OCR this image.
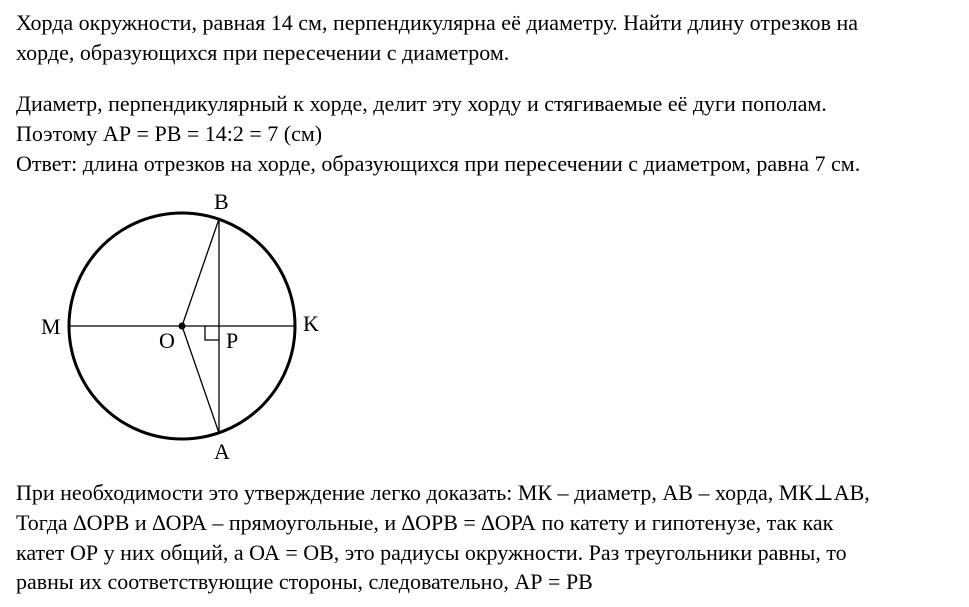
Хорда окружности, равная 14 см, перпендикулярна её диаметру. Найти длину отрезков на
хорде, образующихся при пересечении с диаметром.
Диаметр, перпендикулярный к хорде, делит эту хорду и стягиваемые её дуги пополам.
Поэтому АР = РВ = 14:2 = 7 (см)
Ответ: длина отрезков на хорде, образующихся при пересечении с диаметром, равна 7 см.
B
A
M	K
O P
При необходимости это утверждение легко доказать: МК – диаметр, АВ – хорда, МК⊥АВ,
Тогда ∆ОРВ и ∆ОРА – прямоугольные, и ∆ОРВ = ∆ОРА по катету и гипотенузе, так как
катет ОР у них общий, а ОА = ОВ, это радиусы окружности. Раз треугольники равны, то
равны их соответствующие стороны, следовательно, АР = РВ
